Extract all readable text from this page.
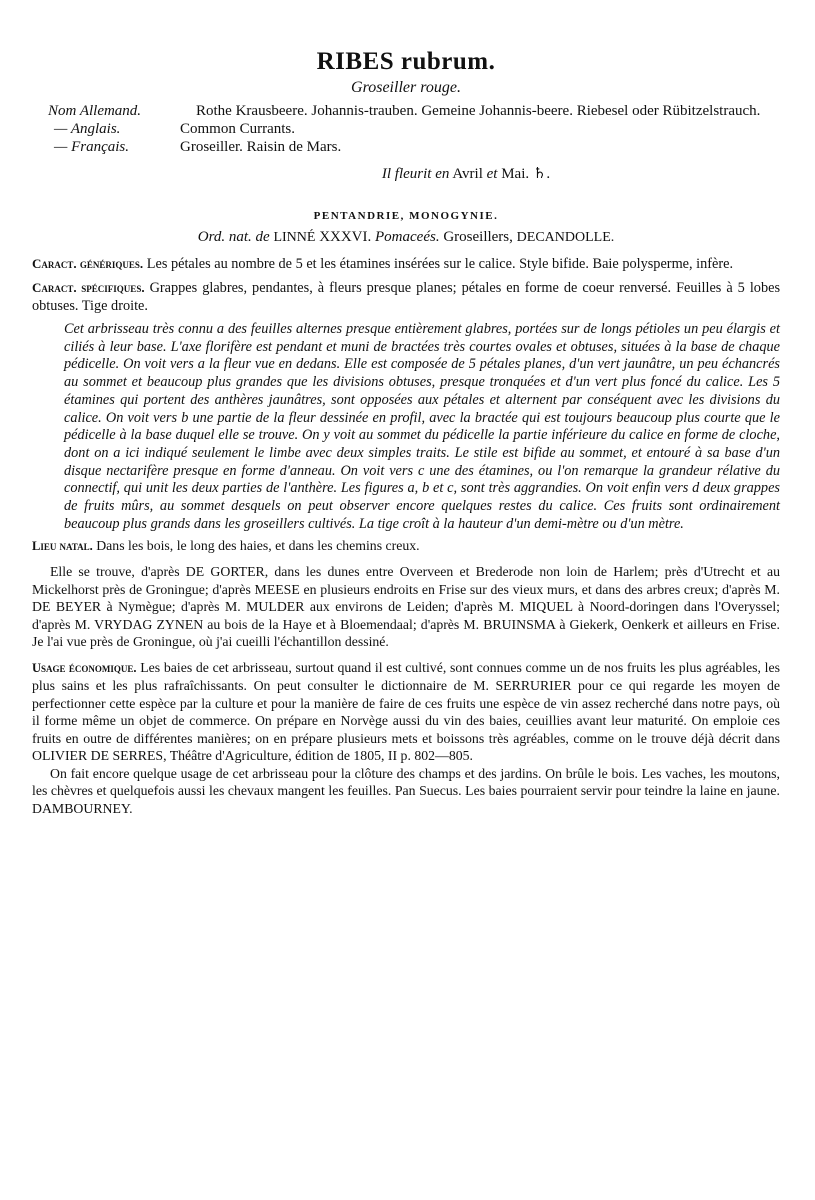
RIBES rubrum.
Groseiller rouge.
Nom Allemand.	Rothe Krausbeere. Johannis-trauben. Gemeine Johannis-beere. Riebesel oder Rübitzelstrauch.
— Anglais.	Common Currants.
— Français.	Groseiller. Raisin de Mars.
Il fleurit en Avril et Mai. ♄.
PENTANDRIE, MONOGYNIE.
Ord. nat. de LINNÉ XXXVI. Pomaceés. Groseillers, DECANDOLLE.

Caract. génériques. Les pétales au nombre de 5 et les étamines insérées sur le calice. Style bifide. Baie polysperme, infère.

Caract. spécifiques. Grappes glabres, pendantes, à fleurs presque planes; pétales en forme de coeur renversé. Feuilles à 5 lobes obtuses. Tige droite.

Cet arbrisseau très connu a des feuilles alternes presque entièrement glabres, portées sur de longs pétioles un peu élargis et ciliés à leur base. L'axe florifère est pendant et muni de bractées très courtes ovales et obtuses, situées à la base de chaque pédicelle. On voit vers a la fleur vue en dedans. Elle est composée de 5 pétales planes, d'un vert jaunâtre, un peu échancrés au sommet et beaucoup plus grandes que les divisions obtuses, presque tronquées et d'un vert plus foncé du calice. Les 5 étamines qui portent des anthères jaunâtres, sont opposées aux pétales et alternent par conséquent avec les divisions du calice. On voit vers b une partie de la fleur dessinée en profil, avec la bractée qui est toujours beaucoup plus courte que le pédicelle à la base duquel elle se trouve. On y voit au sommet du pédicelle la partie inférieure du calice en forme de cloche, dont on a ici indiqué seulement le limbe avec deux simples traits. Le stile est bifide au sommet, et entouré à sa base d'un disque nectarifère presque en forme d'anneau. On voit vers c une des étamines, ou l'on remarque la grandeur rélative du connectif, qui unit les deux parties de l'anthère. Les figures a, b et c, sont très aggrandies. On voit enfin vers d deux grappes de fruits mûrs, au sommet desquels on peut observer encore quelques restes du calice. Ces fruits sont ordinairement beaucoup plus grands dans les groseillers cultivés. La tige croît à la hauteur d'un demi-mètre ou d'un mètre.

Lieu natal. Dans les bois, le long des haies, et dans les chemins creux.

Elle se trouve, d'après DE GORTER, dans les dunes entre Overveen et Brederode non loin de Harlem; près d'Utrecht et au Mickelhorst près de Groningue; d'après MEESE en plusieurs endroits en Frise sur des vieux murs, et dans des arbres creux; d'après M. DE BEYER à Nymègue; d'après M. MULDER aux environs de Leiden; d'après M. MIQUEL à Noord-doringen dans l'Overyssel; d'après M. VRYDAG ZYNEN au bois de la Haye et à Bloemendaal; d'après M. BRUINSMA à Giekerk, Oenkerk et ailleurs en Frise. Je l'ai vue près de Groningue, où j'ai cueilli l'échantillon dessiné.

Usage économique. Les baies de cet arbrisseau, surtout quand il est cultivé, sont connues comme un de nos fruits les plus agréables, les plus sains et les plus rafraîchissants. On peut consulter le dictionnaire de M. SERRURIER pour ce qui regarde les moyen de perfectionner cette espèce par la culture et pour la manière de faire de ces fruits une espèce de vin assez recherché dans notre pays, où il forme même un objet de commerce. On prépare en Norvège aussi du vin des baies, ceuillies avant leur maturité. On emploie ces fruits en outre de différentes manières; on en prépare plusieurs mets et boissons très agréables, comme on le trouve déjà décrit dans OLIVIER DE SERRES, Théâtre d'Agriculture, édition de 1805, II p. 802—805.

On fait encore quelque usage de cet arbrisseau pour la clôture des champs et des jardins. On brûle le bois. Les vaches, les moutons, les chèvres et quelquefois aussi les chevaux mangent les feuilles. Pan Suecus. Les baies pourraient servir pour teindre la laine en jaune. DAMBOURNEY.
